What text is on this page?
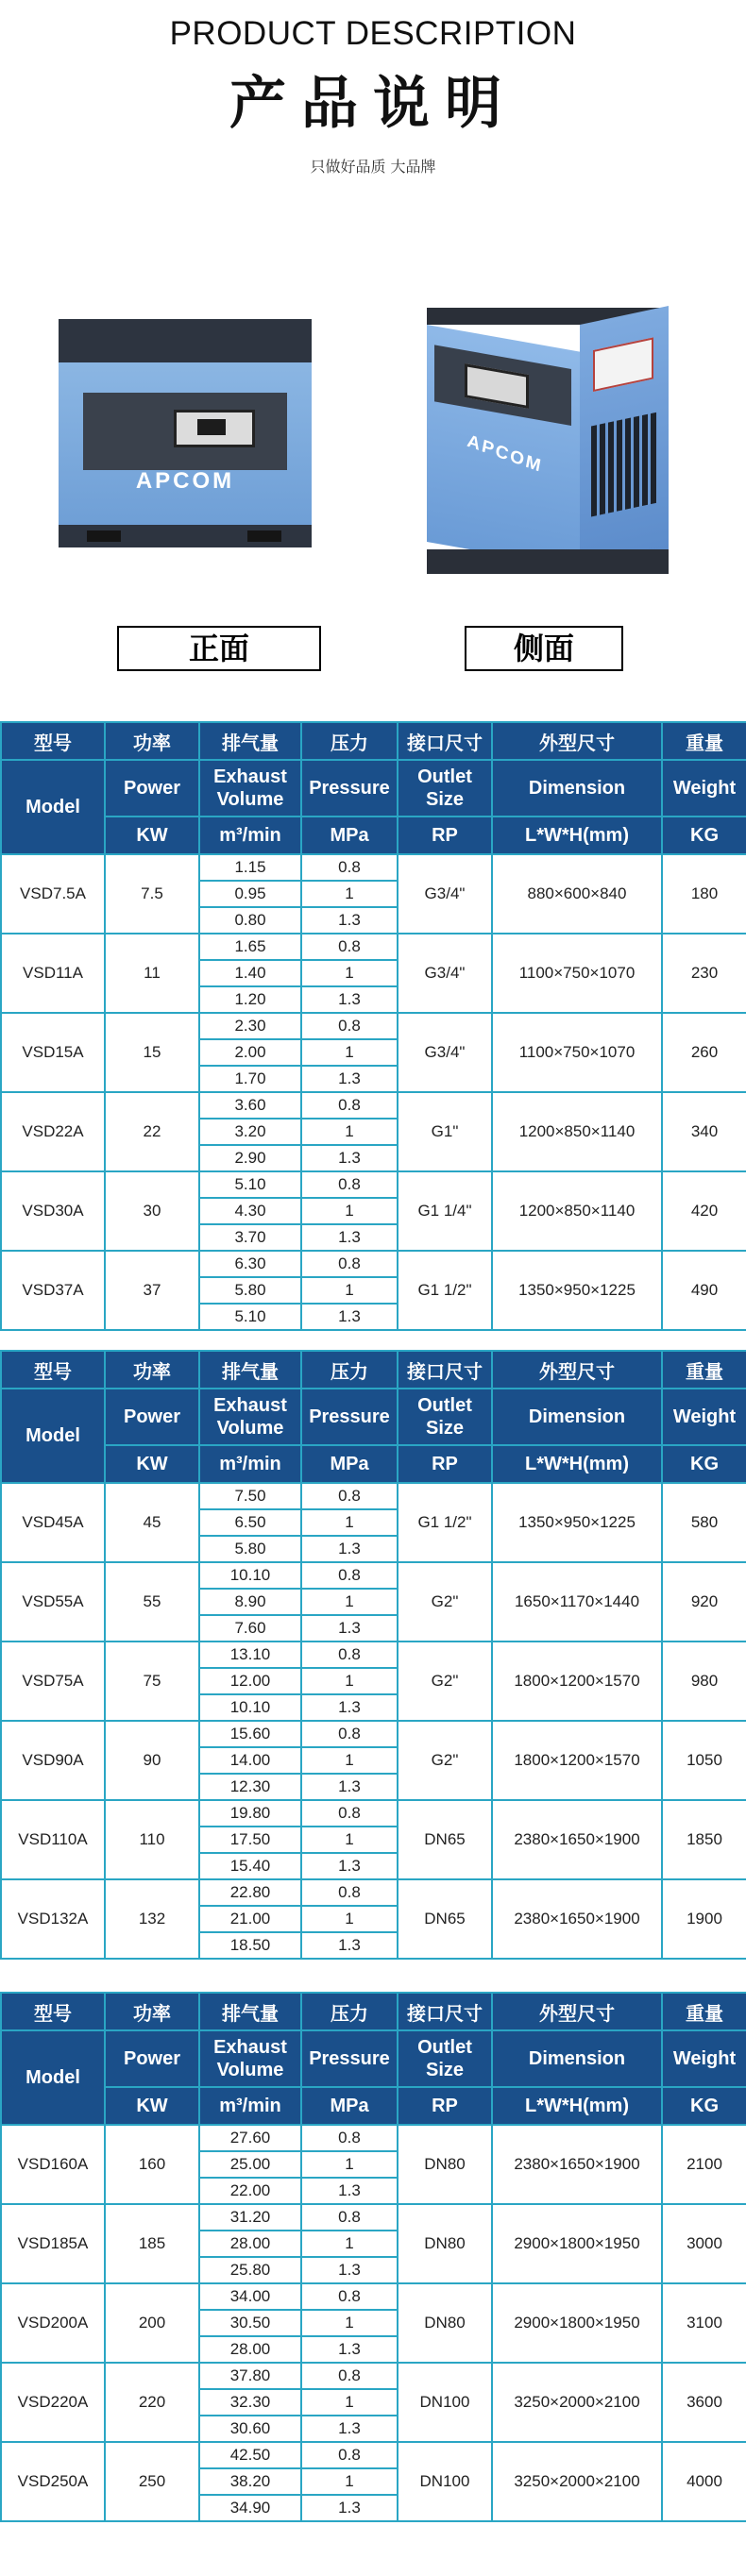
PRODUCT DESCRIPTION
产品说明
只做好品质 大品牌
APCOM
APCOM
正面	侧面
型号	功率	排气量	压力	接口尺寸	外型尺寸	重量
Model	Power	Exhaust Volume	Pressure	Outlet Size	Dimension	Weight
	KW	m³/min	MPa	RP	L*W*H(mm)	KG
VSD7.5A	7.5	1.15	0.8	G3/4"	880×600×840	180
		0.95	1			
		0.80	1.3			
VSD11A	11	1.65	0.8	G3/4"	1100×750×1070	230
		1.40	1			
		1.20	1.3			
VSD15A	15	2.30	0.8	G3/4"	1100×750×1070	260
		2.00	1			
		1.70	1.3			
VSD22A	22	3.60	0.8	G1"	1200×850×1140	340
		3.20	1			
		2.90	1.3			
VSD30A	30	5.10	0.8	G1 1/4"	1200×850×1140	420
		4.30	1			
		3.70	1.3			
VSD37A	37	6.30	0.8	G1 1/2"	1350×950×1225	490
		5.80	1			
		5.10	1.3			
型号	功率	排气量	压力	接口尺寸	外型尺寸	重量
Model	Power	Exhaust Volume	Pressure	Outlet Size	Dimension	Weight
	KW	m³/min	MPa	RP	L*W*H(mm)	KG
VSD45A	45	7.50	0.8	G1 1/2"	1350×950×1225	580
		6.50	1			
		5.80	1.3			
VSD55A	55	10.10	0.8	G2"	1650×1170×1440	920
		8.90	1			
		7.60	1.3			
VSD75A	75	13.10	0.8	G2"	1800×1200×1570	980
		12.00	1			
		10.10	1.3			
VSD90A	90	15.60	0.8	G2"	1800×1200×1570	1050
		14.00	1			
		12.30	1.3			
VSD110A	110	19.80	0.8	DN65	2380×1650×1900	1850
		17.50	1			
		15.40	1.3			
VSD132A	132	22.80	0.8	DN65	2380×1650×1900	1900
		21.00	1			
		18.50	1.3			
型号	功率	排气量	压力	接口尺寸	外型尺寸	重量
Model	Power	Exhaust Volume	Pressure	Outlet Size	Dimension	Weight
	KW	m³/min	MPa	RP	L*W*H(mm)	KG
VSD160A	160	27.60	0.8	DN80	2380×1650×1900	2100
		25.00	1			
		22.00	1.3			
VSD185A	185	31.20	0.8	DN80	2900×1800×1950	3000
		28.00	1			
		25.80	1.3			
VSD200A	200	34.00	0.8	DN80	2900×1800×1950	3100
		30.50	1			
		28.00	1.3			
VSD220A	220	37.80	0.8	DN100	3250×2000×2100	3600
		32.30	1			
		30.60	1.3			
VSD250A	250	42.50	0.8	DN100	3250×2000×2100	4000
		38.20	1			
		34.90	1.3			
